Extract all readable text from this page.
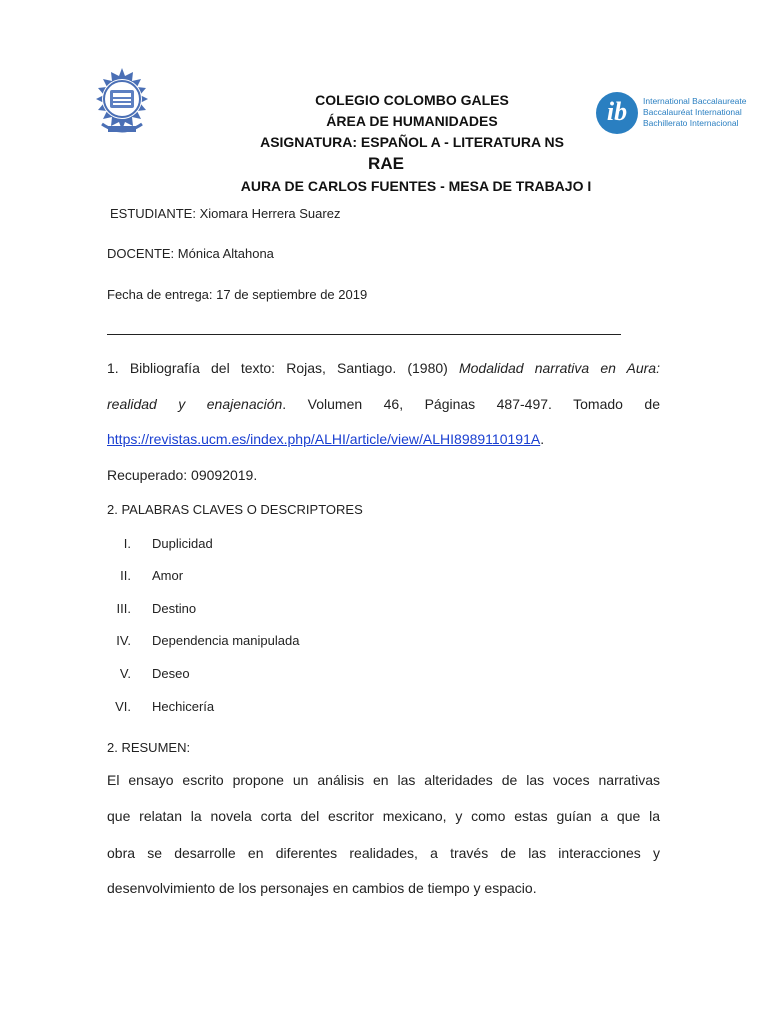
COLEGIO COLOMBO GALES
ÁREA DE HUMANIDADES
ASIGNATURA: ESPAÑOL A - LITERATURA NS
RAE
AURA DE CARLOS FUENTES - MESA DE TRABAJO I
ib	International Baccalaureate
Baccalauréat International
Bachillerato Internacional
ESTUDIANTE: Xiomara Herrera Suarez
DOCENTE: Mónica Altahona
Fecha de entrega: 17 de septiembre de 2019
1. Bibliografía del texto: Rojas, Santiago. (1980) Modalidad narrativa en Aura:
realidad y enajenación. Volumen 46, Páginas 487-497. Tomado de
https://revistas.ucm.es/index.php/ALHI/article/view/ALHI8989110191A.
Recuperado: 09092019.
2. PALABRAS CLAVES O DESCRIPTORES
I. Duplicidad
II. Amor
III. Destino
IV. Dependencia manipulada
V. Deseo
VI. Hechicería
2. RESUMEN:
El ensayo escrito propone un análisis en las alteridades de las voces narrativas
que relatan la novela corta del escritor mexicano, y como estas guían a que la
obra se desarrolle en diferentes realidades, a través de las interacciones y
desenvolvimiento de los personajes en cambios de tiempo y espacio.
